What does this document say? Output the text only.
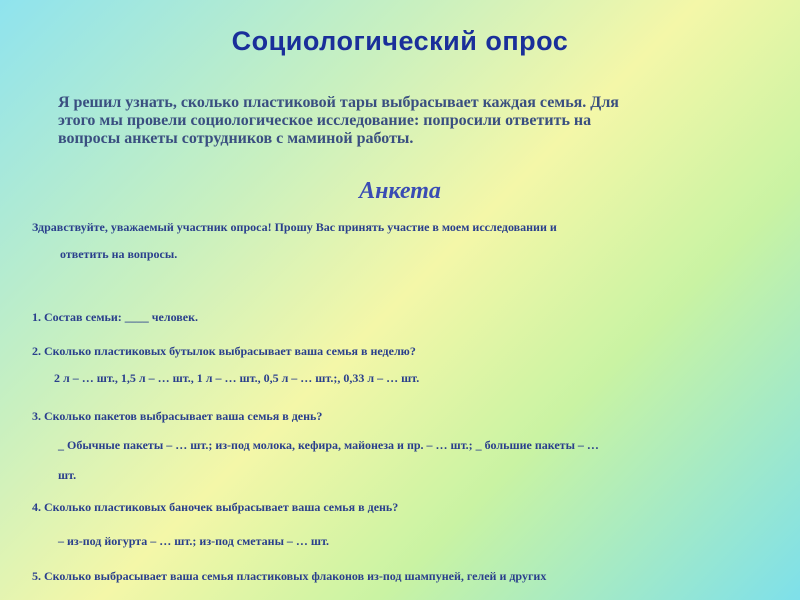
Социологический опрос
Я решил узнать, сколько пластиковой тары выбрасывает каждая семья. Для
этого мы провели социологическое исследование: попросили ответить на
вопросы анкеты сотрудников с маминой работы.
Анкета
Здравствуйте, уважаемый участник опроса! Прошу Вас принять участие в моем исследовании и
ответить на вопросы.
1. Состав семьи: ____ человек.
2. Сколько пластиковых бутылок выбрасывает ваша семья в неделю?
2 л – … шт., 1,5 л – … шт., 1 л – … шт., 0,5 л – … шт.;, 0,33 л – … шт.
3. Сколько пакетов выбрасывает ваша семья в день?
_ Обычные пакеты – … шт.; из-под молока, кефира, майонеза и пр. – … шт.; _ большие пакеты – …
шт.
4. Сколько пластиковых баночек выбрасывает ваша семья в день?
– из-под йогурта – … шт.; из-под сметаны – … шт.
5. Сколько выбрасывает ваша семья пластиковых флаконов из-под шампуней, гелей и других
